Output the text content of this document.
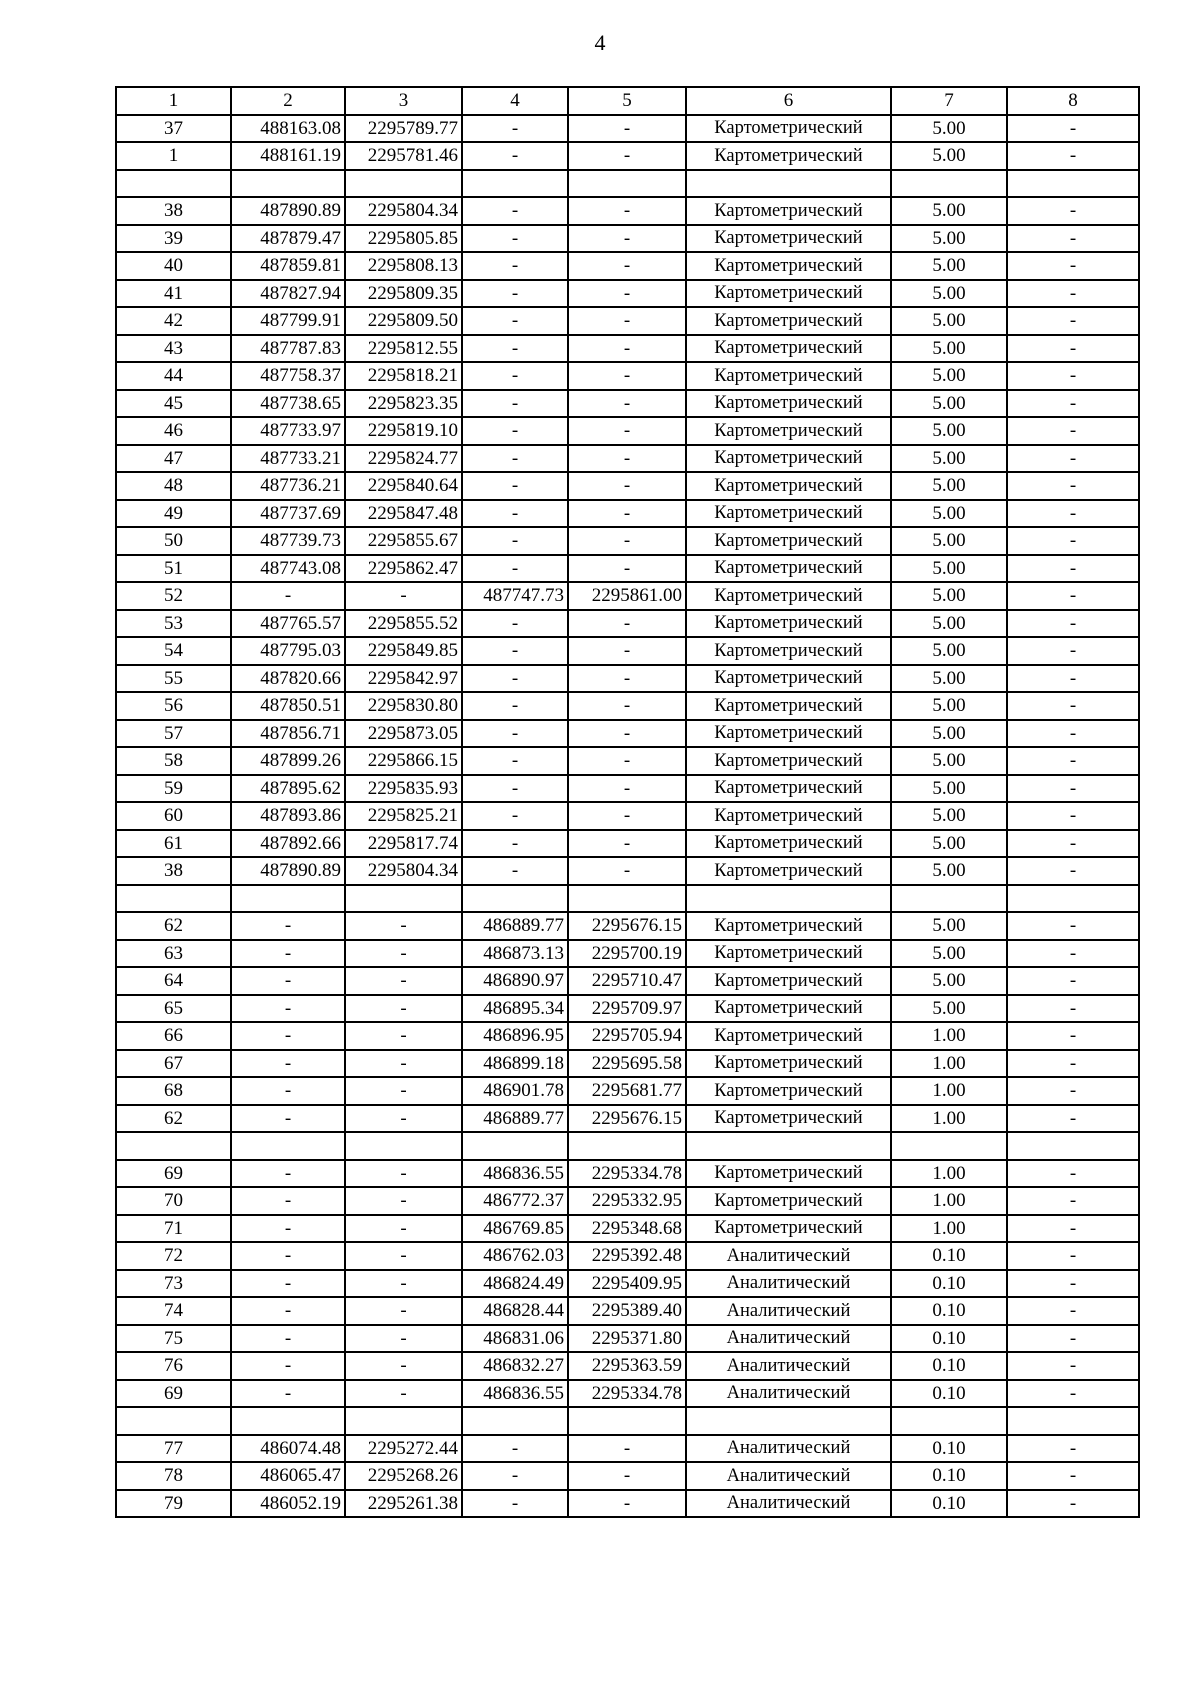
4
1	2	3	4	5	6	7	8
37	488163.08	2295789.77	-	-	Картометрический	5.00	-
1	488161.19	2295781.46	-	-	Картометрический	5.00	-

38	487890.89	2295804.34	-	-	Картометрический	5.00	-
39	487879.47	2295805.85	-	-	Картометрический	5.00	-
40	487859.81	2295808.13	-	-	Картометрический	5.00	-
41	487827.94	2295809.35	-	-	Картометрический	5.00	-
42	487799.91	2295809.50	-	-	Картометрический	5.00	-
43	487787.83	2295812.55	-	-	Картометрический	5.00	-
44	487758.37	2295818.21	-	-	Картометрический	5.00	-
45	487738.65	2295823.35	-	-	Картометрический	5.00	-
46	487733.97	2295819.10	-	-	Картометрический	5.00	-
47	487733.21	2295824.77	-	-	Картометрический	5.00	-
48	487736.21	2295840.64	-	-	Картометрический	5.00	-
49	487737.69	2295847.48	-	-	Картометрический	5.00	-
50	487739.73	2295855.67	-	-	Картометрический	5.00	-
51	487743.08	2295862.47	-	-	Картометрический	5.00	-
52	-	-	487747.73	2295861.00	Картометрический	5.00	-
53	487765.57	2295855.52	-	-	Картометрический	5.00	-
54	487795.03	2295849.85	-	-	Картометрический	5.00	-
55	487820.66	2295842.97	-	-	Картометрический	5.00	-
56	487850.51	2295830.80	-	-	Картометрический	5.00	-
57	487856.71	2295873.05	-	-	Картометрический	5.00	-
58	487899.26	2295866.15	-	-	Картометрический	5.00	-
59	487895.62	2295835.93	-	-	Картометрический	5.00	-
60	487893.86	2295825.21	-	-	Картометрический	5.00	-
61	487892.66	2295817.74	-	-	Картометрический	5.00	-
38	487890.89	2295804.34	-	-	Картометрический	5.00	-

62	-	-	486889.77	2295676.15	Картометрический	5.00	-
63	-	-	486873.13	2295700.19	Картометрический	5.00	-
64	-	-	486890.97	2295710.47	Картометрический	5.00	-
65	-	-	486895.34	2295709.97	Картометрический	5.00	-
66	-	-	486896.95	2295705.94	Картометрический	1.00	-
67	-	-	486899.18	2295695.58	Картометрический	1.00	-
68	-	-	486901.78	2295681.77	Картометрический	1.00	-
62	-	-	486889.77	2295676.15	Картометрический	1.00	-

69	-	-	486836.55	2295334.78	Картометрический	1.00	-
70	-	-	486772.37	2295332.95	Картометрический	1.00	-
71	-	-	486769.85	2295348.68	Картометрический	1.00	-
72	-	-	486762.03	2295392.48	Аналитический	0.10	-
73	-	-	486824.49	2295409.95	Аналитический	0.10	-
74	-	-	486828.44	2295389.40	Аналитический	0.10	-
75	-	-	486831.06	2295371.80	Аналитический	0.10	-
76	-	-	486832.27	2295363.59	Аналитический	0.10	-
69	-	-	486836.55	2295334.78	Аналитический	0.10	-

77	486074.48	2295272.44	-	-	Аналитический	0.10	-
78	486065.47	2295268.26	-	-	Аналитический	0.10	-
79	486052.19	2295261.38	-	-	Аналитический	0.10	-
